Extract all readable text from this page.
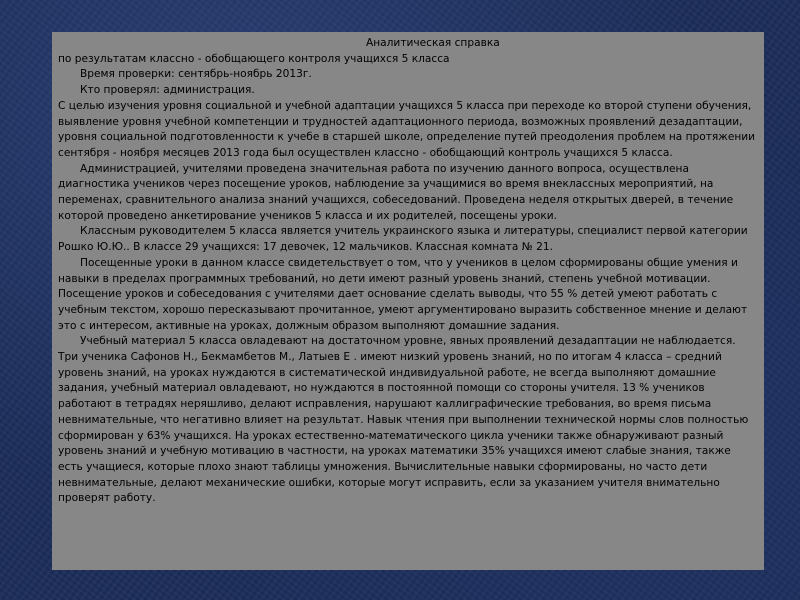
Аналитическая справка
по результатам классно - обобщающего контроля учащихся 5 класса
Время проверки: сентябрь-ноябрь 2013г.
Кто проверял: администрация.
С целью изучения уровня социальной и учебной адаптации учащихся 5 класса при переходе ко второй ступени обучения, выявление уровня учебной компетенции и трудностей адаптационного периода, возможных проявлений дезадаптации, уровня социальной подготовленности к учебе в старшей школе, определение путей преодоления проблем на протяжении сентября - ноября месяцев 2013 года был осуществлен классно - обобщающий контроль учащихся 5 класса.
Администрацией, учителями проведена значительная работа по изучению данного вопроса, осуществлена диагностика учеников через посещение уроков, наблюдение за учащимися во время внеклассных мероприятий, на переменах, сравнительного анализа знаний учащихся, собеседований. Проведена неделя открытых дверей, в течение которой проведено анкетирование учеников 5 класса и их родителей, посещены уроки.
Классным руководителем 5 класса является учитель украинского языка и литературы, специалист первой категории Рошко Ю.Ю.. В классе 29 учащихся: 17 девочек, 12 мальчиков. Классная комната № 21.
Посещенные уроки в данном классе свидетельствует о том, что у учеников в целом сформированы общие умения и навыки в пределах программных требований, но дети имеют разный уровень знаний, степень учебной мотивации. Посещение уроков и собеседования с учителями дает основание сделать выводы, что 55 % детей умеют работать с учебным текстом, хорошо пересказывают прочитанное, умеют аргументировано выразить собственное мнение и делают это с интересом, активные на уроках, должным образом выполняют домашние задания.
Учебный материал 5 класса овладевают на достаточном уровне, явных проявлений дезадаптации не наблюдается. Три ученика Сафонов Н., Бекмамбетов М., Латыев Е . имеют низкий уровень знаний, но по итогам 4 класса – средний уровень знаний, на уроках нуждаются в систематической индивидуальной работе, не всегда выполняют домашние задания, учебный материал овладевают, но нуждаются в постоянной помощи со стороны учителя. 13 % учеников работают в тетрадях неряшливо, делают исправления, нарушают каллиграфические требования, во время письма невнимательные, что негативно влияет на результат. Навык чтения при выполнении технической нормы слов полностью сформирован у 63% учащихся. На уроках естественно-математического цикла ученики также обнаруживают разный уровень знаний и учебную мотивацию в частности, на уроках математики 35% учащихся имеют слабые знания, также есть учащиеся, которые плохо знают таблицы умножения. Вычислительные навыки сформированы, но часто дети невнимательные, делают механические ошибки, которые могут исправить, если за указанием учителя внимательно проверят работу.
